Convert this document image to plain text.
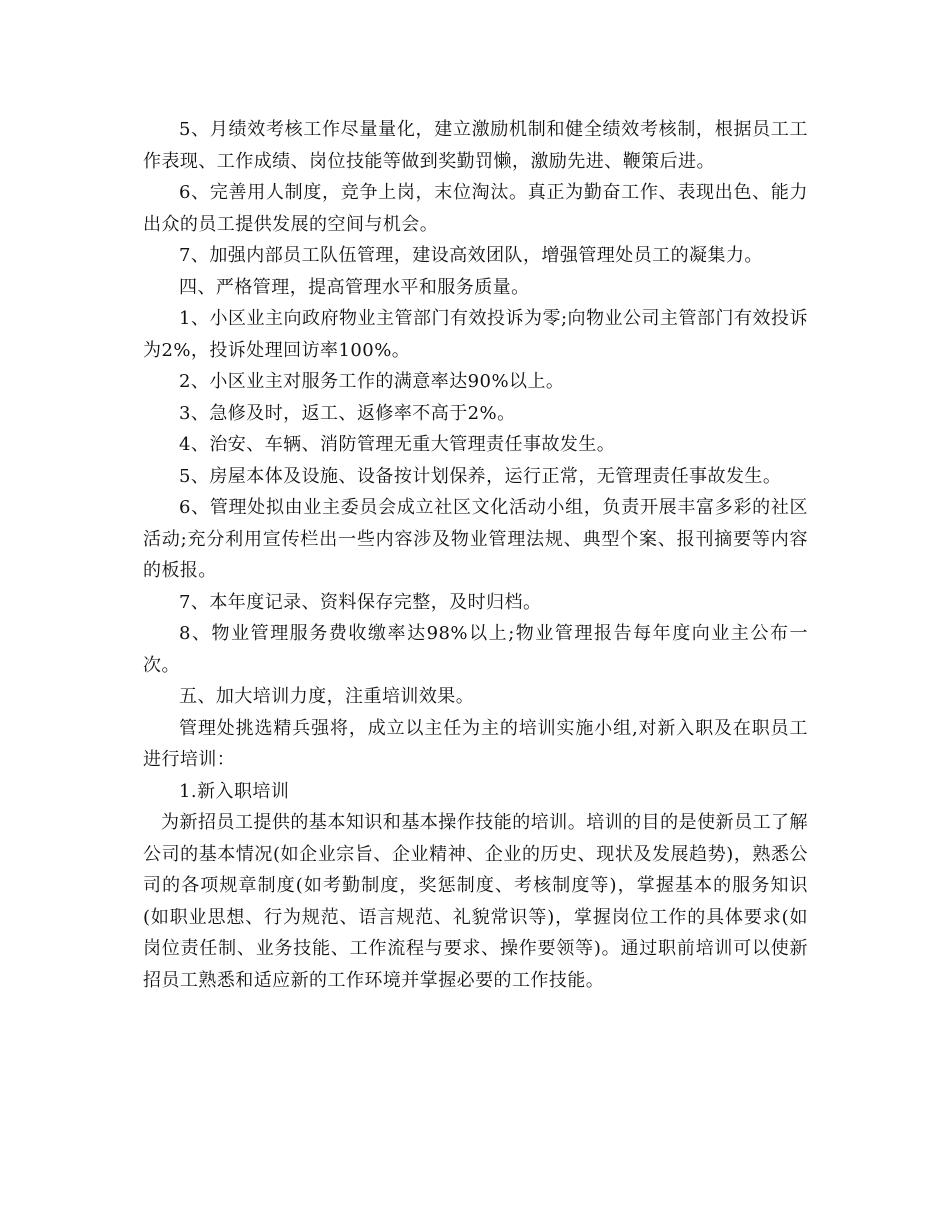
5、月绩效考核工作尽量量化，建立激励机制和健全绩效考核制，根据员工工作表现、工作成绩、岗位技能等做到奖勤罚懒，激励先进、鞭策后进。

6、完善用人制度，竞争上岗，末位淘汰。真正为勤奋工作、表现出色、能力出众的员工提供发展的空间与机会。

7、加强内部员工队伍管理，建设高效团队，增强管理处员工的凝集力。

四、严格管理，提高管理水平和服务质量。

1、小区业主向政府物业主管部门有效投诉为零;向物业公司主管部门有效投诉为2%，投诉处理回访率100%。

2、小区业主对服务工作的满意率达90%以上。

3、急修及时，返工、返修率不高于2%。

4、治安、车辆、消防管理无重大管理责任事故发生。

5、房屋本体及设施、设备按计划保养，运行正常，无管理责任事故发生。

6、管理处拟由业主委员会成立社区文化活动小组，负责开展丰富多彩的社区活动;充分利用宣传栏出一些内容涉及物业管理法规、典型个案、报刊摘要等内容的板报。

7、本年度记录、资料保存完整，及时归档。

8、物业管理服务费收缴率达98%以上;物业管理报告每年度向业主公布一次。

五、加大培训力度，注重培训效果。

管理处挑选精兵强将，成立以主任为主的培训实施小组,对新入职及在职员工进行培训：

1.新入职培训

为新招员工提供的基本知识和基本操作技能的培训。培训的目的是使新员工了解公司的基本情况(如企业宗旨、企业精神、企业的历史、现状及发展趋势)，熟悉公司的各项规章制度(如考勤制度，奖惩制度、考核制度等)，掌握基本的服务知识(如职业思想、行为规范、语言规范、礼貌常识等)，掌握岗位工作的具体要求(如岗位责任制、业务技能、工作流程与要求、操作要领等)。通过职前培训可以使新招员工熟悉和适应新的工作环境并掌握必要的工作技能。
